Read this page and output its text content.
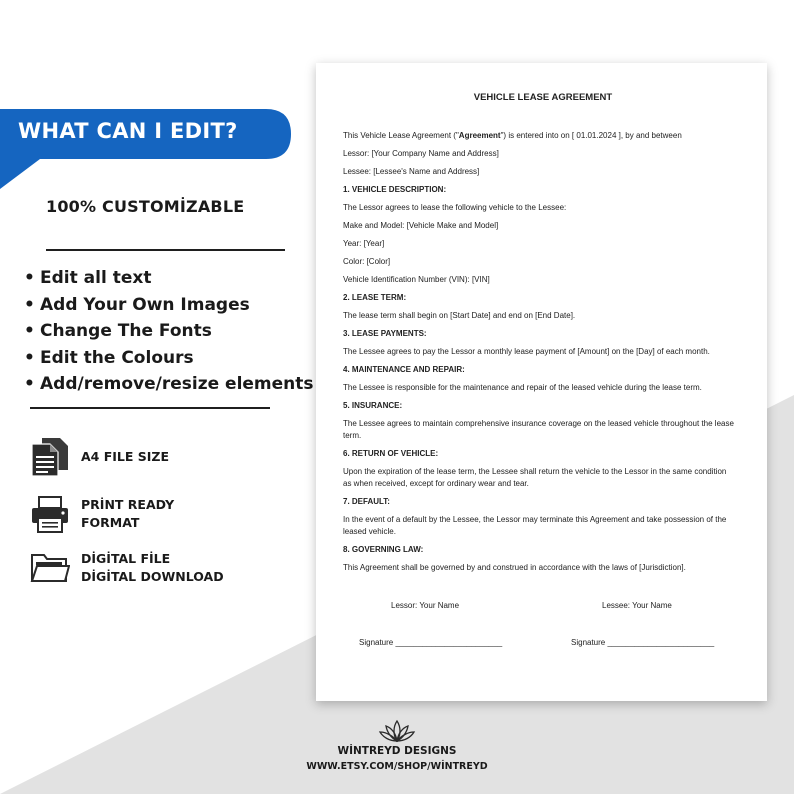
WHAT CAN I EDIT?
100% CUSTOMİZABLE
• Edit all text
• Add Your Own Images
• Change The Fonts
• Edit the Colours
• Add/remove/resize elements
A4 FILE SIZE
PRİNT READY
FORMAT
DİGİTAL FİLE
DİGİTAL DOWNLOAD
VEHICLE LEASE AGREEMENT
This Vehicle Lease Agreement ("Agreement") is entered into on [ 01.01.2024 ], by and between
Lessor: [Your Company Name and Address]
Lessee: [Lessee's Name and Address]
1. VEHICLE DESCRIPTION:
The Lessor agrees to lease the following vehicle to the Lessee:
Make and Model: [Vehicle Make and Model]
Year: [Year]
Color: [Color]
Vehicle Identification Number (VIN): [VIN]
2. LEASE TERM:
The lease term shall begin on [Start Date] and end on [End Date].
3. LEASE PAYMENTS:
The Lessee agrees to pay the Lessor a monthly lease payment of [Amount] on the [Day] of each month.
4. MAINTENANCE AND REPAIR:
The Lessee is responsible for the maintenance and repair of the leased vehicle during the lease term.
5. INSURANCE:
The Lessee agrees to maintain comprehensive insurance coverage on the leased vehicle throughout the lease
term.
6. RETURN OF VEHICLE:
Upon the expiration of the lease term, the Lessee shall return the vehicle to the Lessor in the same condition
as when received, except for ordinary wear and tear.
7. DEFAULT:
In the event of a default by the Lessee, the Lessor may terminate this Agreement and take possession of the
leased vehicle.
8. GOVERNING LAW:
This Agreement shall be governed by and construed in accordance with the laws of [Jurisdiction].
Lessor: Your Name	Lessee: Your Name
Signature ________________________	Signature ________________________
WİNTREYD DESIGNS
WWW.ETSY.COM/SHOP/WİNTREYD
